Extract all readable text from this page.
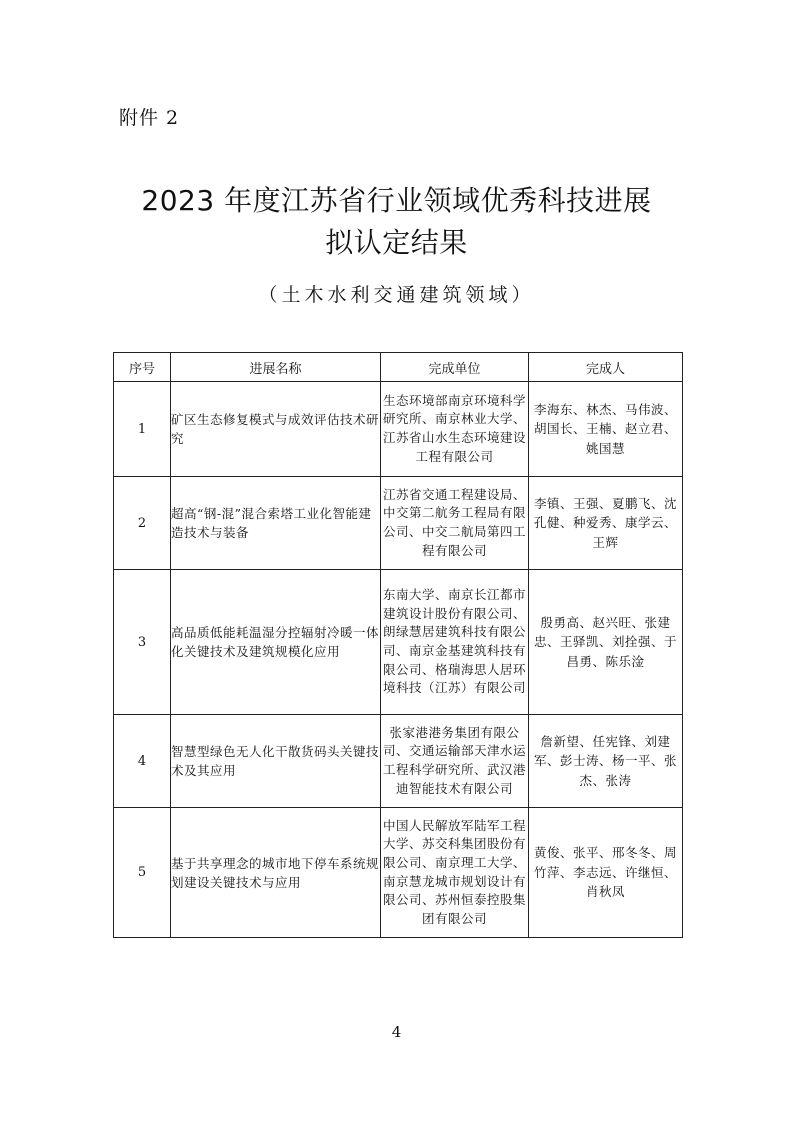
附件 2
2023 年度江苏省行业领域优秀科技进展
拟认定结果
（土木水利交通建筑领域）
序号	进展名称	完成单位	完成人
1	矿区生态修复模式与成效评估技术研究	生态环境部南京环境科学研究所、南京林业大学、江苏省山水生态环境建设工程有限公司	李海东、林杰、马伟波、胡国长、王楠、赵立君、姚国慧
2	超高“钢-混”混合索塔工业化智能建造技术与装备	江苏省交通工程建设局、中交第二航务工程局有限公司、中交二航局第四工程有限公司	李镇、王强、夏鹏飞、沈孔健、种爱秀、康学云、王辉
3	高品质低能耗温湿分控辐射冷暖一体化关键技术及建筑规模化应用	东南大学、南京长江都市建筑设计股份有限公司、朗绿慧居建筑科技有限公司、南京金基建筑科技有限公司、格瑞海思人居环境科技（江苏）有限公司	殷勇高、赵兴旺、张建忠、王驿凯、刘拴强、于昌勇、陈乐淦
4	智慧型绿色无人化干散货码头关键技术及其应用	张家港港务集团有限公司、交通运输部天津水运工程科学研究所、武汉港迪智能技术有限公司	詹新望、任宪锋、刘建军、彭士涛、杨一平、张杰、张涛
5	基于共享理念的城市地下停车系统规划建设关键技术与应用	中国人民解放军陆军工程大学、苏交科集团股份有限公司、南京理工大学、南京慧龙城市规划设计有限公司、苏州恒泰控股集团有限公司	黄俊、张平、邢冬冬、周竹萍、李志远、许继恒、肖秋凤
4
